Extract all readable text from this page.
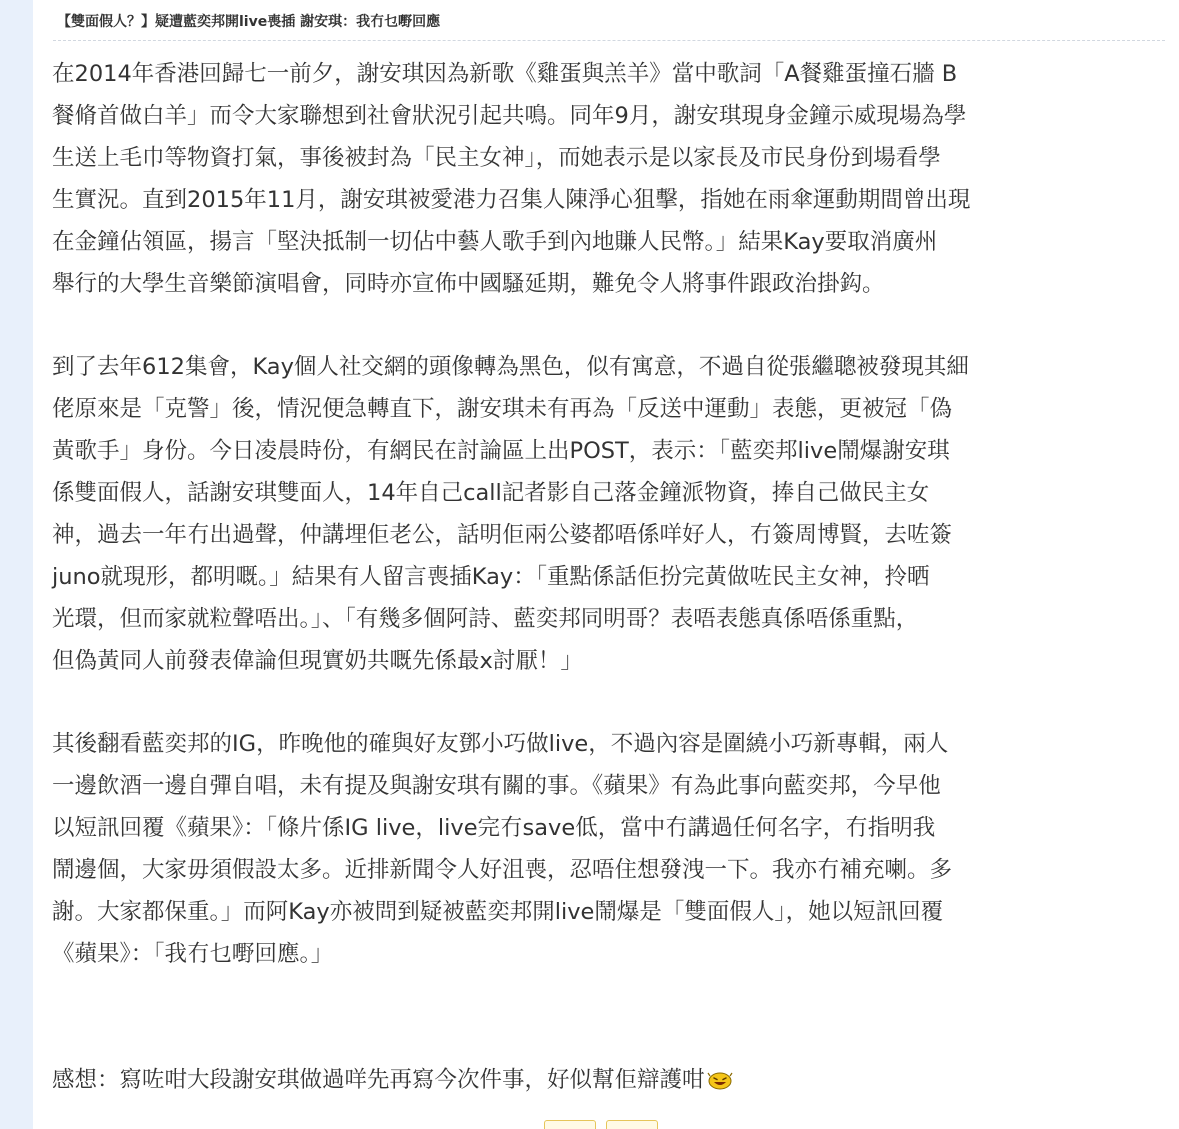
【雙面假人？】疑遭藍奕邦開live喪插 謝安琪：我冇乜嘢回應
在2014年香港回歸七一前夕，謝安琪因為新歌《雞蛋與羔羊》當中歌詞「A餐雞蛋撞石牆 B
餐脩首做白羊」而令大家聯想到社會狀況引起共鳴。同年9月，謝安琪現身金鐘示威現場為學
生送上毛巾等物資打氣，事後被封為「民主女神」，而她表示是以家長及市民身份到場看學
生實況。直到2015年11月，謝安琪被愛港力召集人陳淨心狙擊，指她在雨傘運動期間曾出現
在金鐘佔領區，揚言「堅決抵制一切佔中藝人歌手到內地賺人民幣。」結果Kay要取消廣州
舉行的大學生音樂節演唱會，同時亦宣佈中國騷延期，難免令人將事件跟政治掛鈎。
到了去年612集會，Kay個人社交網的頭像轉為黑色，似有寓意，不過自從張繼聰被發現其細
佬原來是「克警」後，情況便急轉直下，謝安琪未有再為「反送中運動」表態，更被冠「偽
黃歌手」身份。今日凌晨時份，有網民在討論區上出POST，表示：「藍奕邦live鬧爆謝安琪
係雙面假人，話謝安琪雙面人，14年自己call記者影自己落金鐘派物資，捧自己做民主女
神，過去一年冇出過聲，仲講埋佢老公，話明佢兩公婆都唔係咩好人，冇簽周博賢，去咗簽
juno就現形，都明嘅。」結果有人留言喪插Kay：「重點係話佢扮完黃做咗民主女神，拎晒
光環，但而家就粒聲唔出。」、「有幾多個阿詩、藍奕邦同明哥？表唔表態真係唔係重點，
但偽黃同人前發表偉論但現實奶共嘅先係最x討厭！」
其後翻看藍奕邦的IG，昨晚他的確與好友鄧小巧做live，不過內容是圍繞小巧新專輯，兩人
一邊飲酒一邊自彈自唱，未有提及與謝安琪有關的事。《蘋果》有為此事向藍奕邦，今早他
以短訊回覆《蘋果》：「條片係IG live，live完冇save低，當中冇講過任何名字，冇指明我
鬧邊個，大家毋須假設太多。近排新聞令人好沮喪，忍唔住想發洩一下。我亦冇補充喇。多
謝。大家都保重。」而阿Kay亦被問到疑被藍奕邦開live鬧爆是「雙面假人」，她以短訊回覆
《蘋果》：「我冇乜嘢回應。」
感想：寫咗咁大段謝安琪做過咩先再寫今次件事，好似幫佢辯護咁
